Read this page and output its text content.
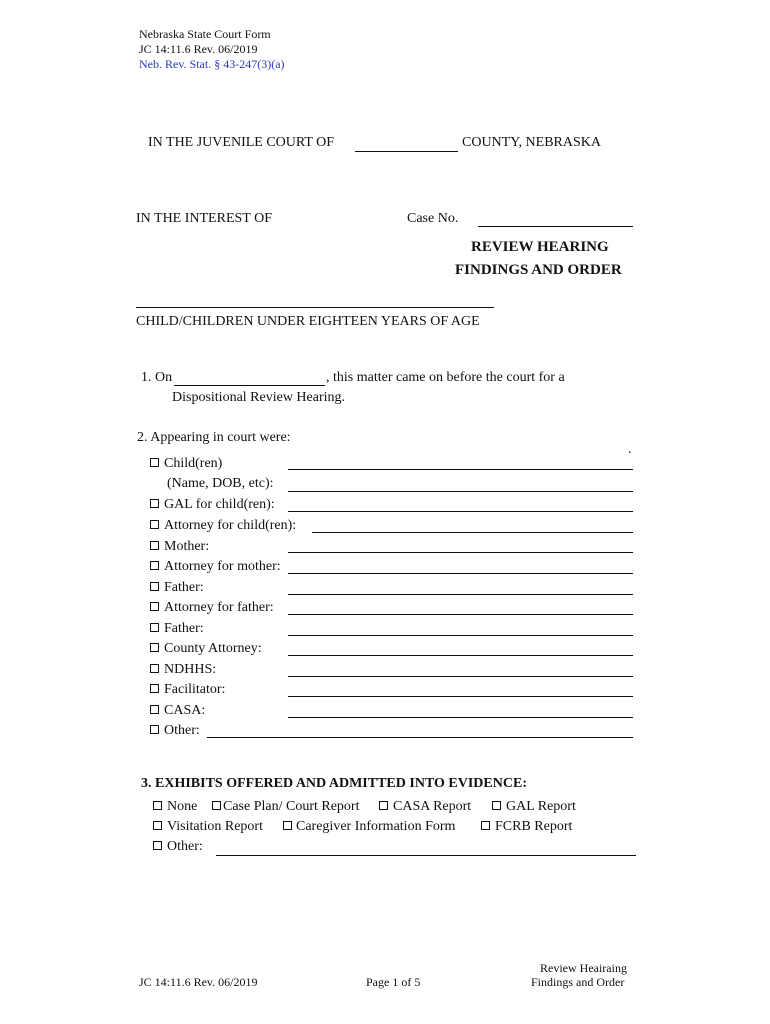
Nebraska State Court Form
JC 14:11.6 Rev. 06/2019
Neb. Rev. Stat. § 43-247(3)(a)
IN THE JUVENILE COURT OF	COUNTY, NEBRASKA
IN THE INTEREST OF	Case No.
REVIEW HEARING
FINDINGS AND ORDER
CHILD/CHILDREN UNDER EIGHTEEN YEARS OF AGE
1. On	, this matter came on before the court for a
Dispositional Review Hearing.
2. Appearing in court were:
.
Child(ren)
(Name, DOB, etc):
GAL for child(ren):
Attorney for child(ren):
Mother:
Attorney for mother:
Father:
Attorney for father:
Father:
County Attorney:
NDHHS:
Facilitator:
CASA:
Other:
3. EXHIBITS OFFERED AND ADMITTED INTO EVIDENCE:
None	Case Plan/ Court Report	CASA Report	GAL Report
Visitation Report	Caregiver Information Form	FCRB Report
Other:
JC 14:11.6 Rev. 06/2019	Page 1 of 5
Review Heairaing
Findings and Order
